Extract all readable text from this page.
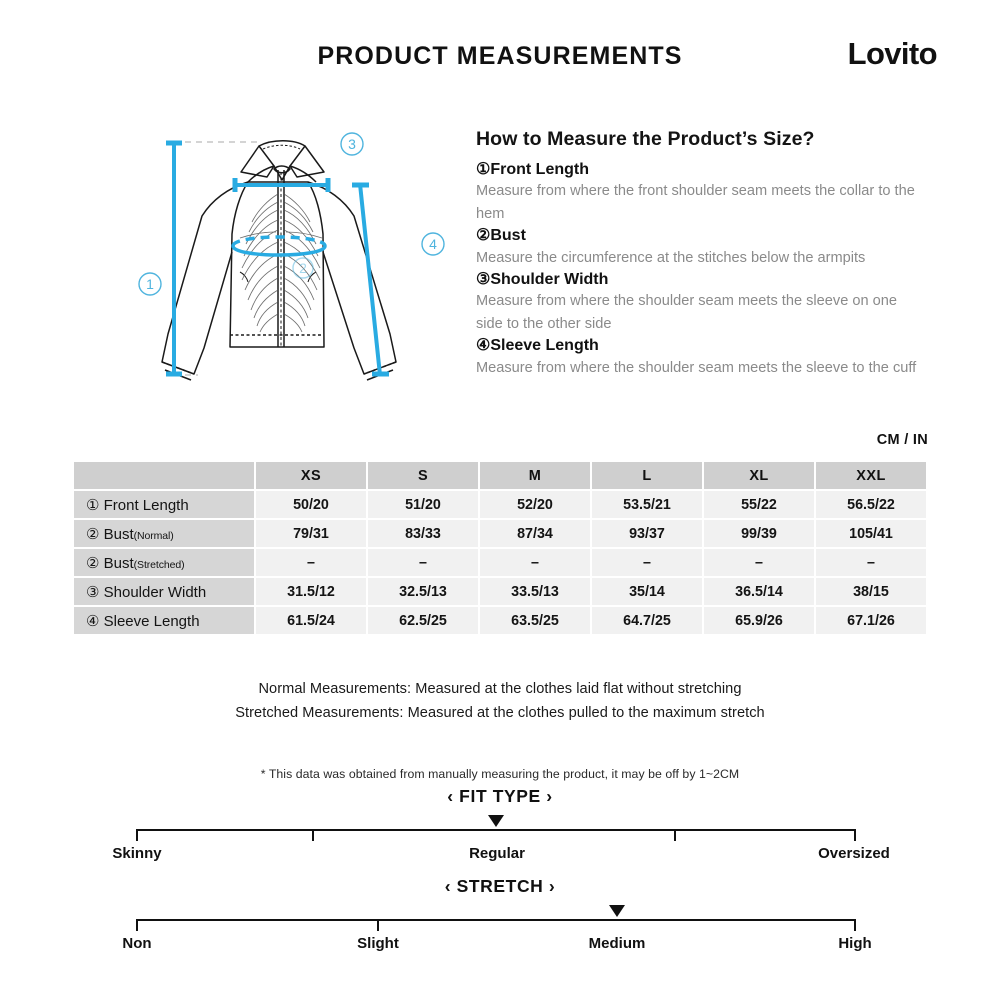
PRODUCT MEASUREMENTS	Lovito
1
3
4
2
How to Measure the Product’s Size?
①Front Length
Measure from where the front shoulder seam meets the collar to the hem
②Bust
Measure the circumference at the stitches below the armpits
③Shoulder Width
Measure from where the shoulder seam meets the sleeve on one side to the other side
④Sleeve Length
Measure from where the shoulder seam meets the sleeve to the cuff
CM / IN
	XS	S	M	L	XL	XXL
① Front Length	50/20	51/20	52/20	53.5/21	55/22	56.5/22
② Bust(Normal)	79/31	83/33	87/34	93/37	99/39	105/41
② Bust(Stretched)	–	–	–	–	–	–
③ Shoulder Width	31.5/12	32.5/13	33.5/13	35/14	36.5/14	38/15
④ Sleeve Length	61.5/24	62.5/25	63.5/25	64.7/25	65.9/26	67.1/26
Normal Measurements: Measured at the clothes laid flat without stretching
Stretched Measurements: Measured at the clothes pulled to the maximum stretch
* This data was obtained from manually measuring the product, it may be off by 1~2CM
‹ FIT TYPE ›
Skinny	Regular	Oversized
‹ STRETCH ›
Non	Slight	Medium	High
